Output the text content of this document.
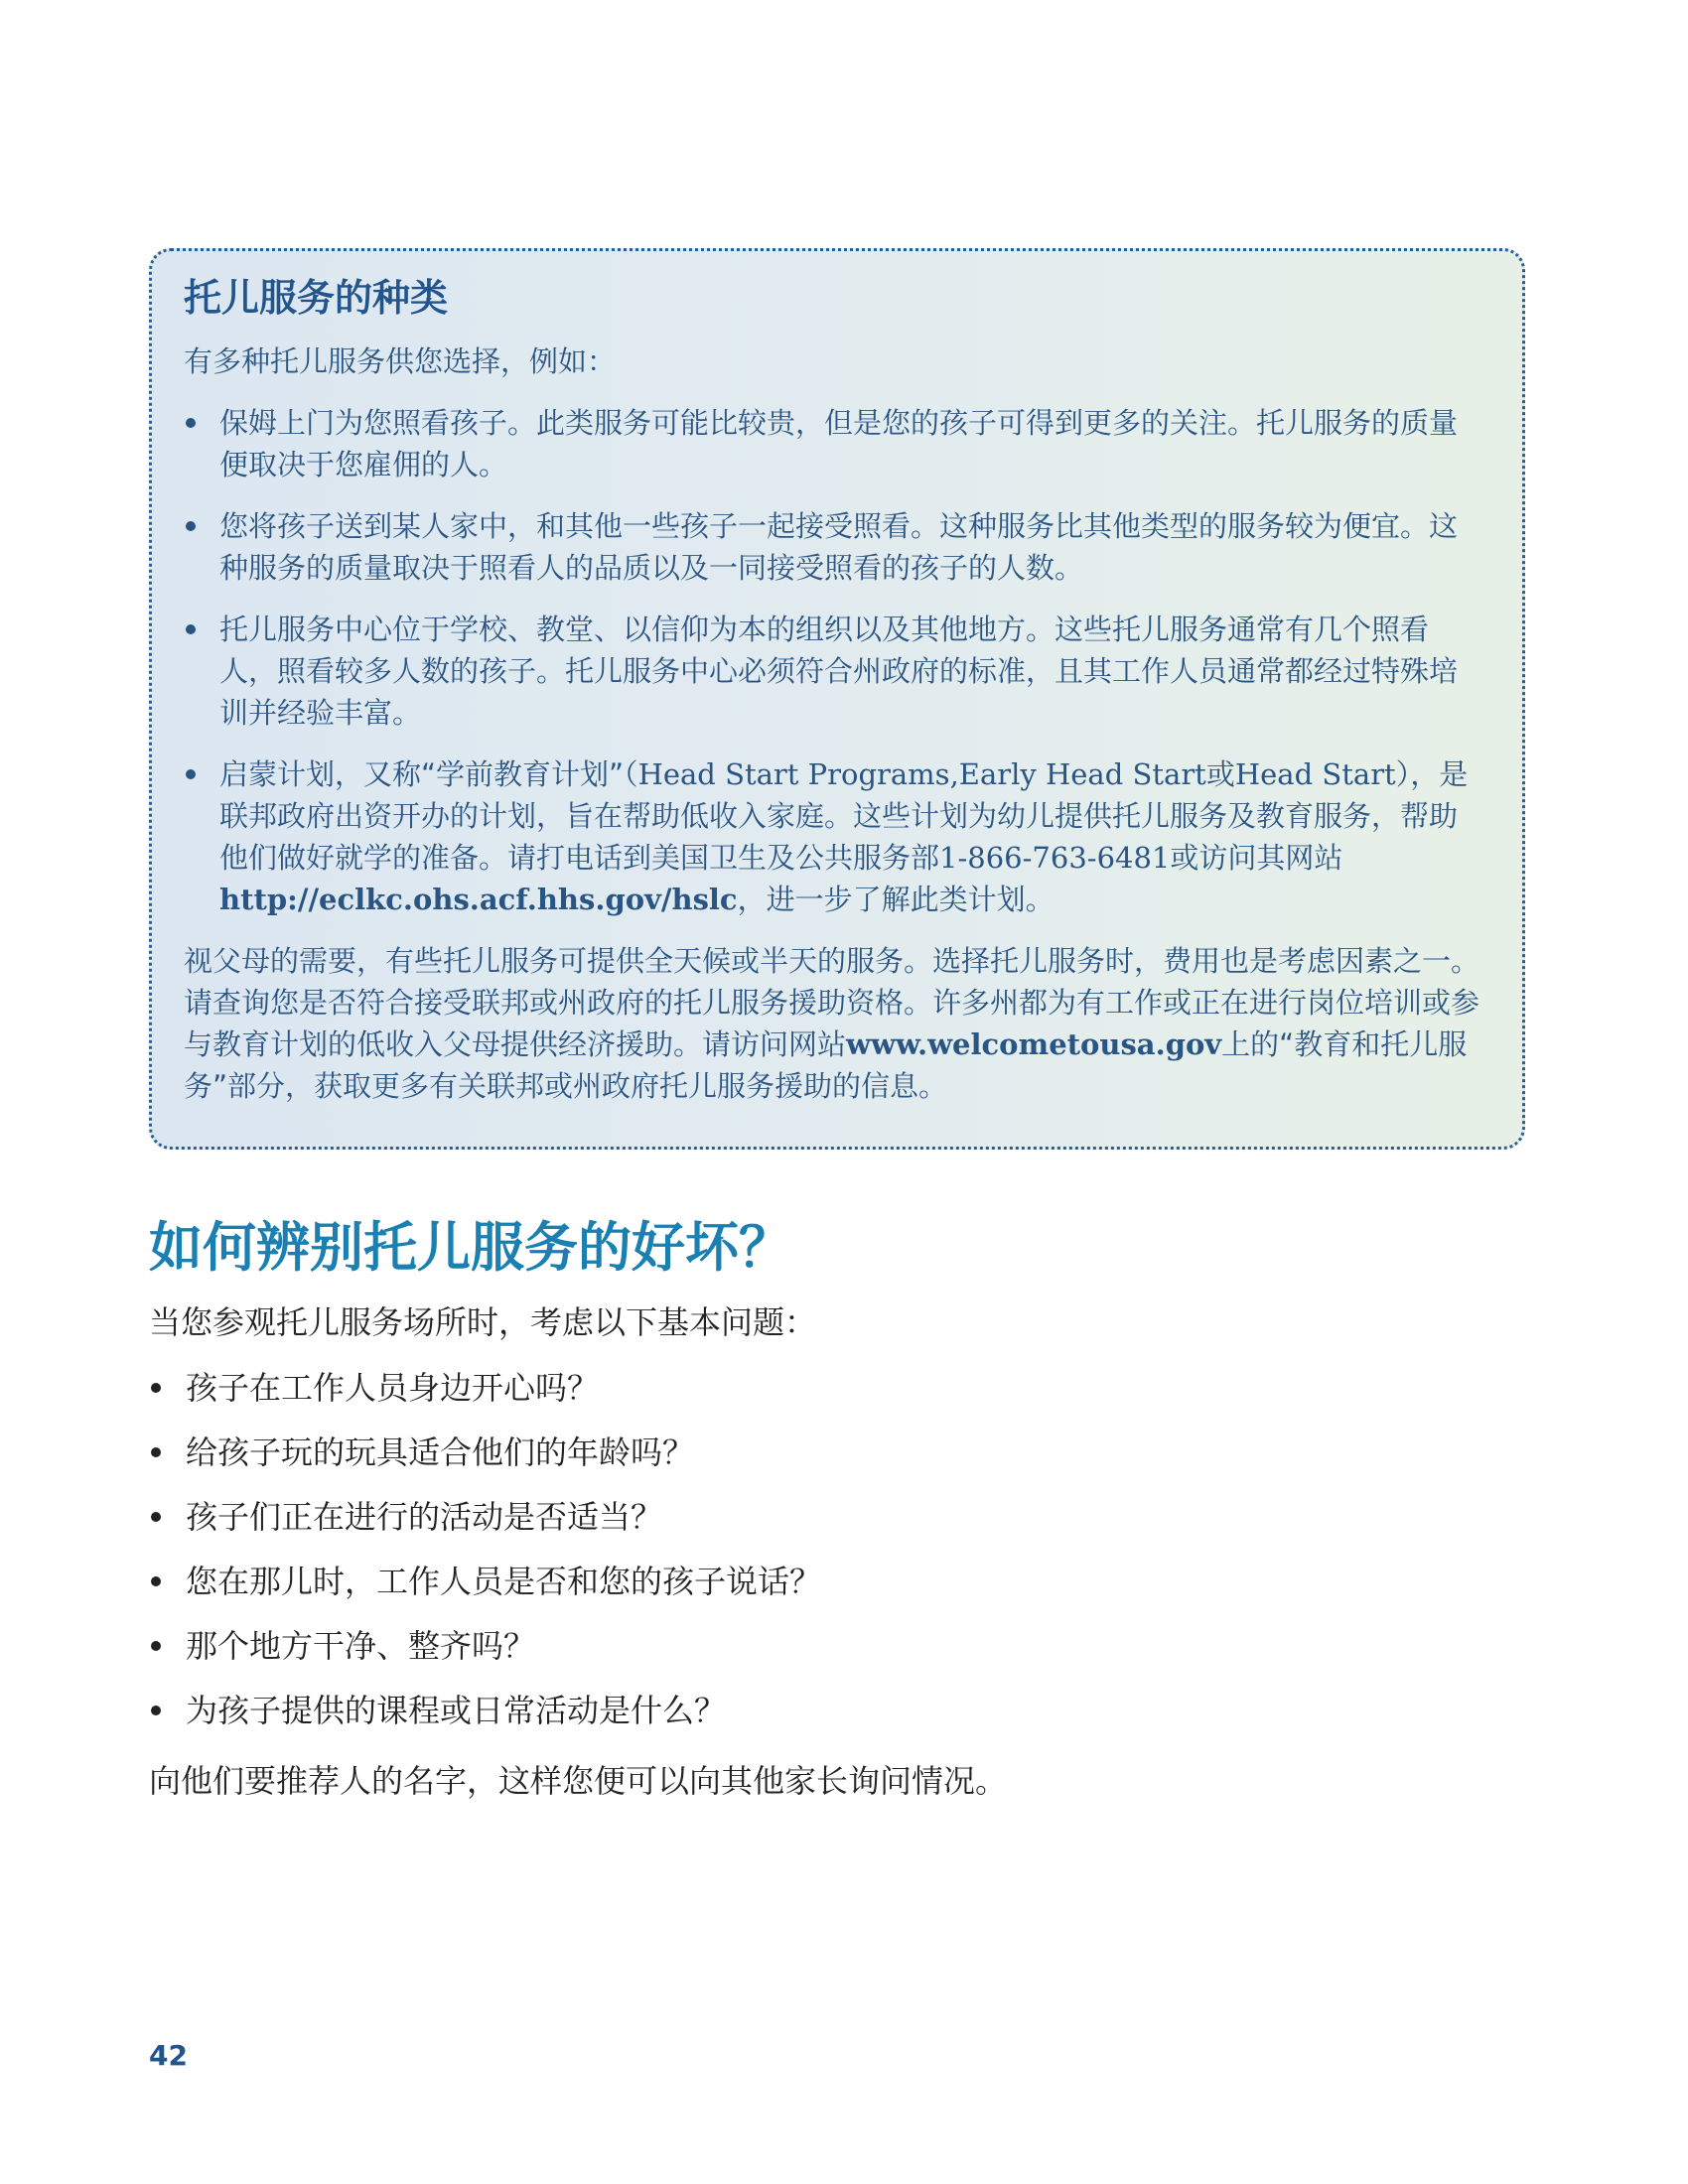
托儿服务的种类

有多种托儿服务供您选择，例如：

保姆上门为您照看孩子。此类服务可能比较贵，但是您的孩子可得到更多的关注。托儿服务的质量便取决于您雇佣的人。
您将孩子送到某人家中，和其他一些孩子一起接受照看。这种服务比其他类型的服务较为便宜。这种服务的质量取决于照看人的品质以及一同接受照看的孩子的人数。
托儿服务中心位于学校、教堂、以信仰为本的组织以及其他地方。这些托儿服务通常有几个照看人，照看较多人数的孩子。托儿服务中心必须符合州政府的标准，且其工作人员通常都经过特殊培训并经验丰富。
启蒙计划，又称“学前教育计划”（Head Start Programs,Early Head Start或Head Start），是联邦政府出资开办的计划，旨在帮助低收入家庭。这些计划为幼儿提供托儿服务及教育服务，帮助他们做好就学的准备。请打电话到美国卫生及公共服务部1-866-763-6481或访问其网站
http://eclkc.ohs.acf.hhs.gov/hslc，进一步了解此类计划。

视父母的需要，有些托儿服务可提供全天候或半天的服务。选择托儿服务时，费用也是考虑因素之一。请查询您是否符合接受联邦或州政府的托儿服务援助资格。许多州都为有工作或正在进行岗位培训或参与教育计划的低收入父母提供经济援助。请访问网站www.welcometousa.gov上的“教育和托儿服务”部分，获取更多有关联邦或州政府托儿服务援助的信息。

如何辨别托儿服务的好坏？

当您参观托儿服务场所时，考虑以下基本问题：

孩子在工作人员身边开心吗？
给孩子玩的玩具适合他们的年龄吗？
孩子们正在进行的活动是否适当？
您在那儿时，工作人员是否和您的孩子说话？
那个地方干净、整齐吗？
为孩子提供的课程或日常活动是什么？

向他们要推荐人的名字，这样您便可以向其他家长询问情况。

42
